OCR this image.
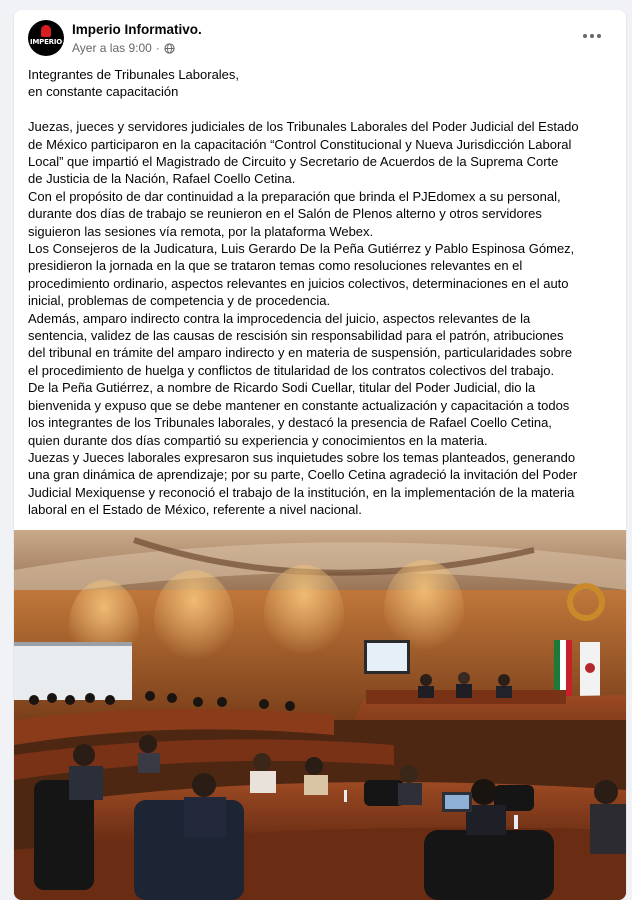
IMPERIO
Imperio Informativo.
Ayer a las 9:00 ·

Integrantes de Tribunales Laborales,

en constante capacitación

Juezas, jueces y servidores judiciales de los Tribunales Laborales del Poder Judicial del Estado

de México participaron en la capacitación “Control Constitucional y Nueva Jurisdicción Laboral

Local” que impartió el Magistrado de Circuito y Secretario de Acuerdos de la Suprema Corte

de Justicia de la Nación, Rafael Coello Cetina.

Con el propósito de dar continuidad a la preparación que brinda el PJEdomex a su personal,

durante dos días de trabajo se reunieron en el Salón de Plenos alterno y otros servidores

siguieron las sesiones vía remota, por la plataforma Webex.

Los Consejeros de la Judicatura, Luis Gerardo De la Peña Gutiérrez y Pablo Espinosa Gómez,

presidieron la jornada en la que se trataron temas como resoluciones relevantes en el

procedimiento ordinario, aspectos relevantes en juicios colectivos, determinaciones en el auto

inicial, problemas de competencia y de procedencia.

Además, amparo indirecto contra la improcedencia del juicio, aspectos relevantes de la

sentencia, validez de las causas de rescisión sin responsabilidad para el patrón, atribuciones

del tribunal en trámite del amparo indirecto y en materia de suspensión, particularidades sobre

el procedimiento de huelga y conflictos de titularidad de los contratos colectivos del trabajo.

De la Peña Gutiérrez, a nombre de Ricardo Sodi Cuellar, titular del Poder Judicial, dio la

bienvenida y expuso que se debe mantener en constante actualización y capacitación a todos

los integrantes de los Tribunales laborales, y destacó la presencia de Rafael Coello Cetina,

quien durante dos días compartió su experiencia y conocimientos en la materia.

Juezas y Jueces laborales expresaron sus inquietudes sobre los temas planteados, generando

una gran dinámica de aprendizaje; por su parte, Coello Cetina agradeció la invitación del Poder

Judicial Mexiquense y reconoció el trabajo de la institución, en la implementación de la materia

laboral en el Estado de México, referente a nivel nacional.
